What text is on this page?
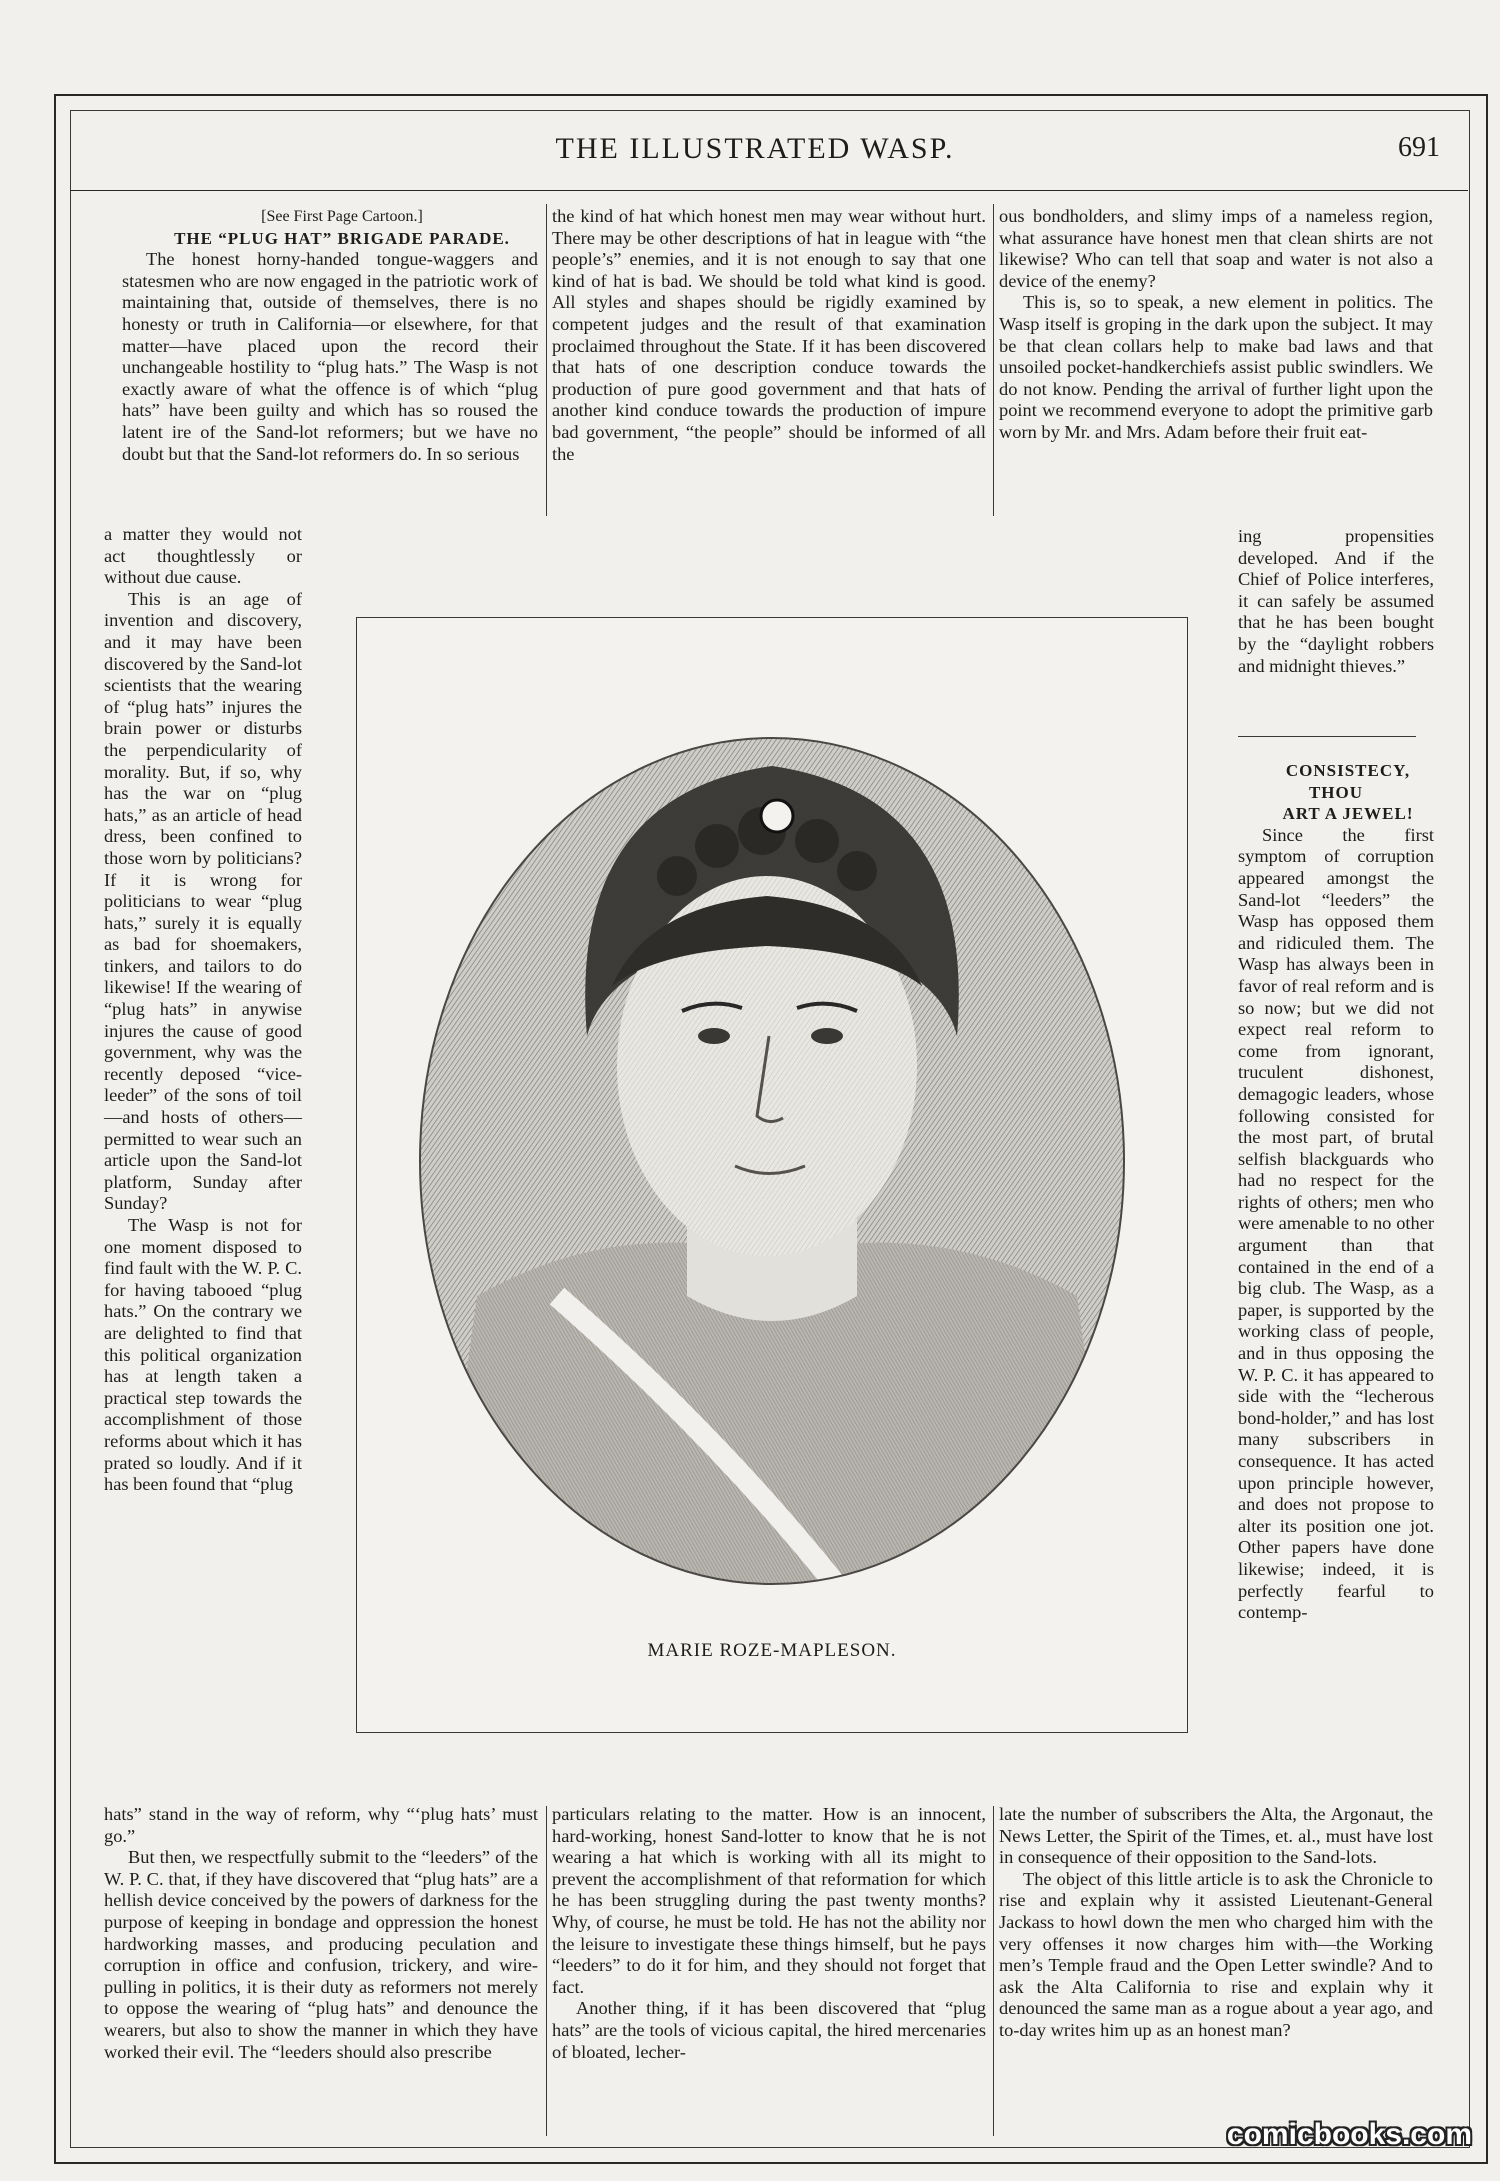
THE ILLUSTRATED WASP.	691

[See First Page Cartoon.]

THE “PLUG HAT” BRIGADE PARADE.

The honest horny-handed tongue-waggers and statesmen who are now engaged in the patriotic work of maintaining that, outside of themselves, there is no honesty or truth in California—or elsewhere, for that matter—have placed upon the record their unchangeable hostility to “plug hats.” The Wasp is not exactly aware of what the offence is of which “plug hats” have been guilty and which has so roused the latent ire of the Sand-lot reformers; but we have no doubt but that the Sand-lot reformers do. In so serious

a matter they would not act thoughtlessly or without due cause.

This is an age of invention and discovery, and it may have been discovered by the Sand-lot scientists that the wearing of “plug hats” injures the brain power or disturbs the perpendicularity of morality. But, if so, why has the war on “plug hats,” as an article of head dress, been confined to those worn by politicians? If it is wrong for politicians to wear “plug hats,” surely it is equally as bad for shoemakers, tinkers, and tailors to do likewise! If the wearing of “plug hats” in anywise injures the cause of good government, why was the recently deposed “vice-leeder” of the sons of toil—and hosts of others—permitted to wear such an article upon the Sand-lot platform, Sunday after Sunday?

The Wasp is not for one moment disposed to find fault with the W. P. C. for having tabooed “plug hats.” On the contrary we are delighted to find that this political organization has at length taken a practical step towards the accomplishment of those reforms about which it has prated so loudly. And if it has been found that “plug

the kind of hat which honest men may wear without hurt. There may be other descriptions of hat in league with “the people’s” enemies, and it is not enough to say that one kind of hat is bad. We should be told what kind is good. All styles and shapes should be rigidly examined by competent judges and the result of that examination proclaimed throughout the State. If it has been discovered that hats of one description conduce towards the production of pure good government and that hats of another kind conduce towards the production of impure bad government, “the people” should be informed of all the

ous bondholders, and slimy imps of a nameless region, what assurance have honest men that clean shirts are not likewise? Who can tell that soap and water is not also a device of the enemy?

This is, so to speak, a new element in politics. The Wasp itself is groping in the dark upon the subject. It may be that clean collars help to make bad laws and that unsoiled pocket-handkerchiefs assist public swindlers. We do not know. Pending the arrival of further light upon the point we recommend everyone to adopt the primitive garb worn by Mr. and Mrs. Adam before their fruit eat-

ing propensities developed. And if the Chief of Police interferes, it can safely be assumed that he has been bought by the “daylight robbers and midnight thieves.”

CONSISTECY, THOU

ART A JEWEL!

Since the first symptom of corruption appeared amongst the Sand-lot “leeders” the Wasp has opposed them and ridiculed them. The Wasp has always been in favor of real reform and is so now; but we did not expect real reform to come from ignorant, truculent dishonest, demagogic leaders, whose following consisted for the most part, of brutal selfish blackguards who had no respect for the rights of others; men who were amenable to no other argument than that contained in the end of a big club. The Wasp, as a paper, is supported by the working class of people, and in thus opposing the W. P. C. it has appeared to side with the “lecherous bond-holder,” and has lost many subscribers in consequence. It has acted upon principle however, and does not propose to alter its position one jot. Other papers have done likewise; indeed, it is perfectly fearful to contemp-

MARIE ROZE-MAPLESON.

hats” stand in the way of reform, why “‘plug hats’ must go.”

But then, we respectfully submit to the “leeders” of the W. P. C. that, if they have discovered that “plug hats” are a hellish device conceived by the powers of darkness for the purpose of keeping in bondage and oppression the honest hardworking masses, and producing peculation and corruption in office and confusion, trickery, and wire-pulling in politics, it is their duty as reformers not merely to oppose the wearing of “plug hats” and denounce the wearers, but also to show the manner in which they have worked their evil. The “leeders should also prescribe

particulars relating to the matter. How is an innocent, hard-working, honest Sand-lotter to know that he is not wearing a hat which is working with all its might to prevent the accomplishment of that reformation for which he has been struggling during the past twenty months? Why, of course, he must be told. He has not the ability nor the leisure to investigate these things himself, but he pays “leeders” to do it for him, and they should not forget that fact.

Another thing, if it has been discovered that “plug hats” are the tools of vicious capital, the hired mercenaries of bloated, lecher-

late the number of subscribers the Alta, the Argonaut, the News Letter, the Spirit of the Times, et. al., must have lost in consequence of their opposition to the Sand-lots.

The object of this little article is to ask the Chronicle to rise and explain why it assisted Lieutenant-General Jackass to howl down the men who charged him with the very offenses it now charges him with—the Working men’s Temple fraud and the Open Letter swindle? And to ask the Alta California to rise and explain why it denounced the same man as a rogue about a year ago, and to-day writes him up as an honest man?

comicbooks.com
